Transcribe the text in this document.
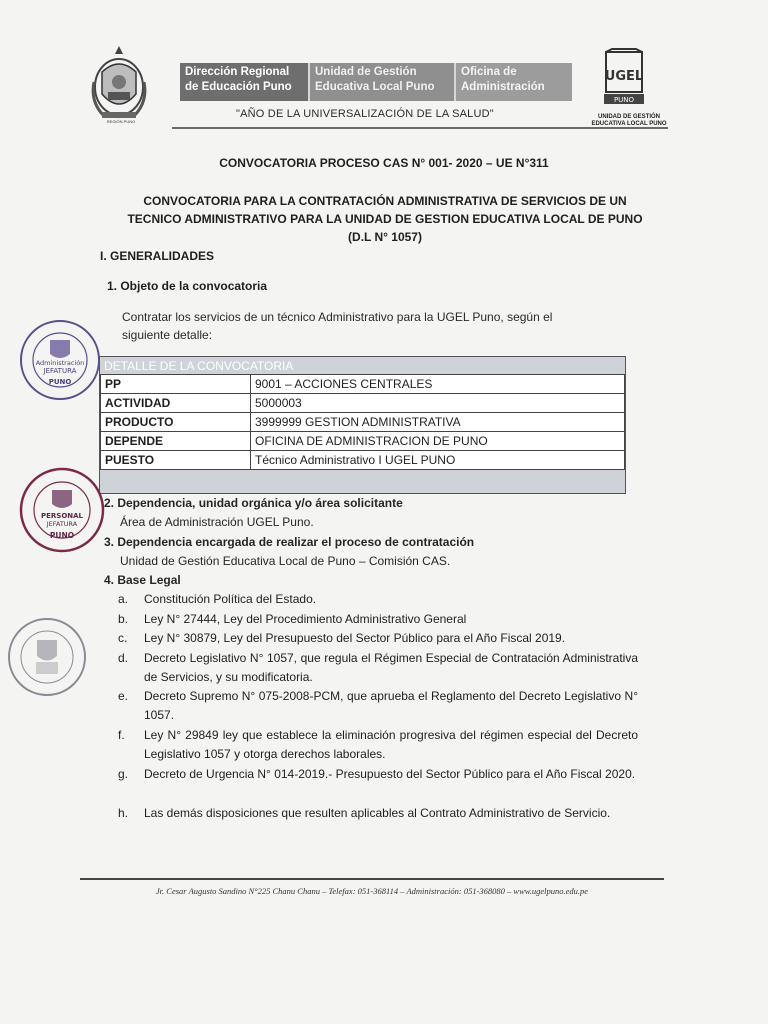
REGIÓN PUNO
Dirección Regional
de Educación Puno
Unidad de Gestión
Educativa Local Puno
Oficina de
Administración
"AÑO DE LA UNIVERSALIZACIÓN DE LA SALUD"
UGEL
PUNO
UNIDAD DE GESTIÓN
EDUCATIVA LOCAL PUNO
CONVOCATORIA PROCESO CAS N° 001- 2020 – UE N°311
CONVOCATORIA PARA LA CONTRATACIÓN ADMINISTRATIVA DE SERVICIOS DE UN
TECNICO ADMINISTRATIVO PARA LA UNIDAD DE GESTION EDUCATIVA LOCAL DE PUNO
(D.L N° 1057)
I. GENERALIDADES
1. Objeto de la convocatoria
Contratar los servicios de un técnico Administrativo para la UGEL Puno, según el siguiente detalle:
DETALLE DE LA CONVOCATORIA
PP	9001 – ACCIONES CENTRALES
ACTIVIDAD	5000003
PRODUCTO	3999999 GESTION ADMINISTRATIVA
DEPENDE	OFICINA DE ADMINISTRACION DE PUNO
PUESTO	Técnico Administrativo I UGEL PUNO
2. Dependencia, unidad orgánica y/o área solicitante
Área de Administración UGEL Puno.
3. Dependencia encargada de realizar el proceso de contratación
Unidad de Gestión Educativa Local de Puno – Comisión CAS.
4. Base Legal
a.	Constitución Política del Estado.
b.	Ley N° 27444, Ley del Procedimiento Administrativo General
c.	Ley N° 30879, Ley del Presupuesto del Sector Público para el Año Fiscal 2019.
d.	Decreto Legislativo N° 1057, que regula el Régimen Especial de Contratación Administrativa de Servicios, y su modificatoria.
e.	Decreto Supremo N° 075-2008-PCM, que aprueba el Reglamento del Decreto Legislativo N° 1057.
f.	Ley N° 29849 ley que establece la eliminación progresiva del régimen especial del Decreto Legislativo 1057 y otorga derechos laborales.
g.	Decreto de Urgencia N° 014-2019.- Presupuesto del Sector Público para el Año Fiscal 2020.
h.	Las demás disposiciones que resulten aplicables al Contrato Administrativo de Servicio.
Jr. Cesar Augusto Sandino N°225 Chanu Chanu – Telefax: 051-368114 – Administración: 051-368080 – www.ugelpuno.edu.pe
Administración
JEFATURA
PUNO
PERSONAL
JEFATURA
PUNO
